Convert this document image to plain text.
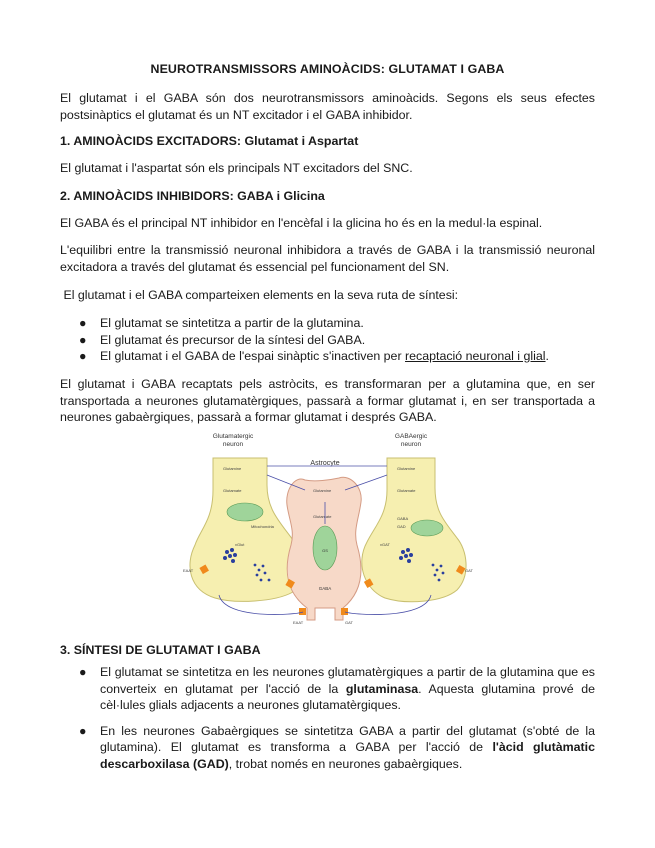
NEUROTRANSMISSORS AMINOÀCIDS: GLUTAMAT I GABA
El glutamat i el GABA són dos neurotransmissors aminoàcids. Segons els seus efectes postsinàptics el glutamat és un NT excitador i el GABA inhibidor.
1. AMINOÀCIDS EXCITADORS: Glutamat i Aspartat
El glutamat i l'aspartat són els principals NT excitadors del SNC.
2. AMINOÀCIDS INHIBIDORS: GABA i Glicina
El GABA és el principal NT inhibidor en l'encèfal i la glicina ho és en la medul·la espinal.
L'equilibri entre la transmissió neuronal inhibidora a través de GABA i la transmissió neuronal excitadora a través del glutamat és essencial pel funcionament del SN.
El glutamat i el GABA comparteixen elements en la seva ruta de síntesi:
● El glutamat se sintetitza a partir de la glutamina.
● El glutamat és precursor de la síntesi del GABA.
● El glutamat i el GABA de l'espai sinàptic s'inactiven per recaptació neuronal i glial.
El glutamat i GABA recaptats pels astròcits, es transformaran per a glutamina que, en ser transportada a neurones glutamatèrgiques, passarà a formar glutamat i, en ser transportada a neurones gabaèrgiques, passarà a formar glutamat i després GABA.
Glutamatergic
neuron
GABAergic
neuron
Astrocyte
Glutamine
Glutamate
Mitochondria
vGlut
EAAT
Glutamine
Glutamate
GS
GABA
EAAT	GAT
Glutamine
Glutamate
GABA
GAD
vGAT
GAT
3. SÍNTESI DE GLUTAMAT I GABA
● El glutamat se sintetitza en les neurones glutamatèrgiques a partir de la glutamina que es converteix en glutamat per l'acció de la glutaminasa. Aquesta glutamina prové de cèl·lules glials adjacents a neurones glutamatèrgiques.
● En les neurones Gabaèrgiques se sintetitza GABA a partir del glutamat (s'obté de la glutamina). El glutamat es transforma a GABA per l'acció de l'àcid glutàmatic descarboxilasa (GAD), trobat només en neurones gabaèrgiques.
